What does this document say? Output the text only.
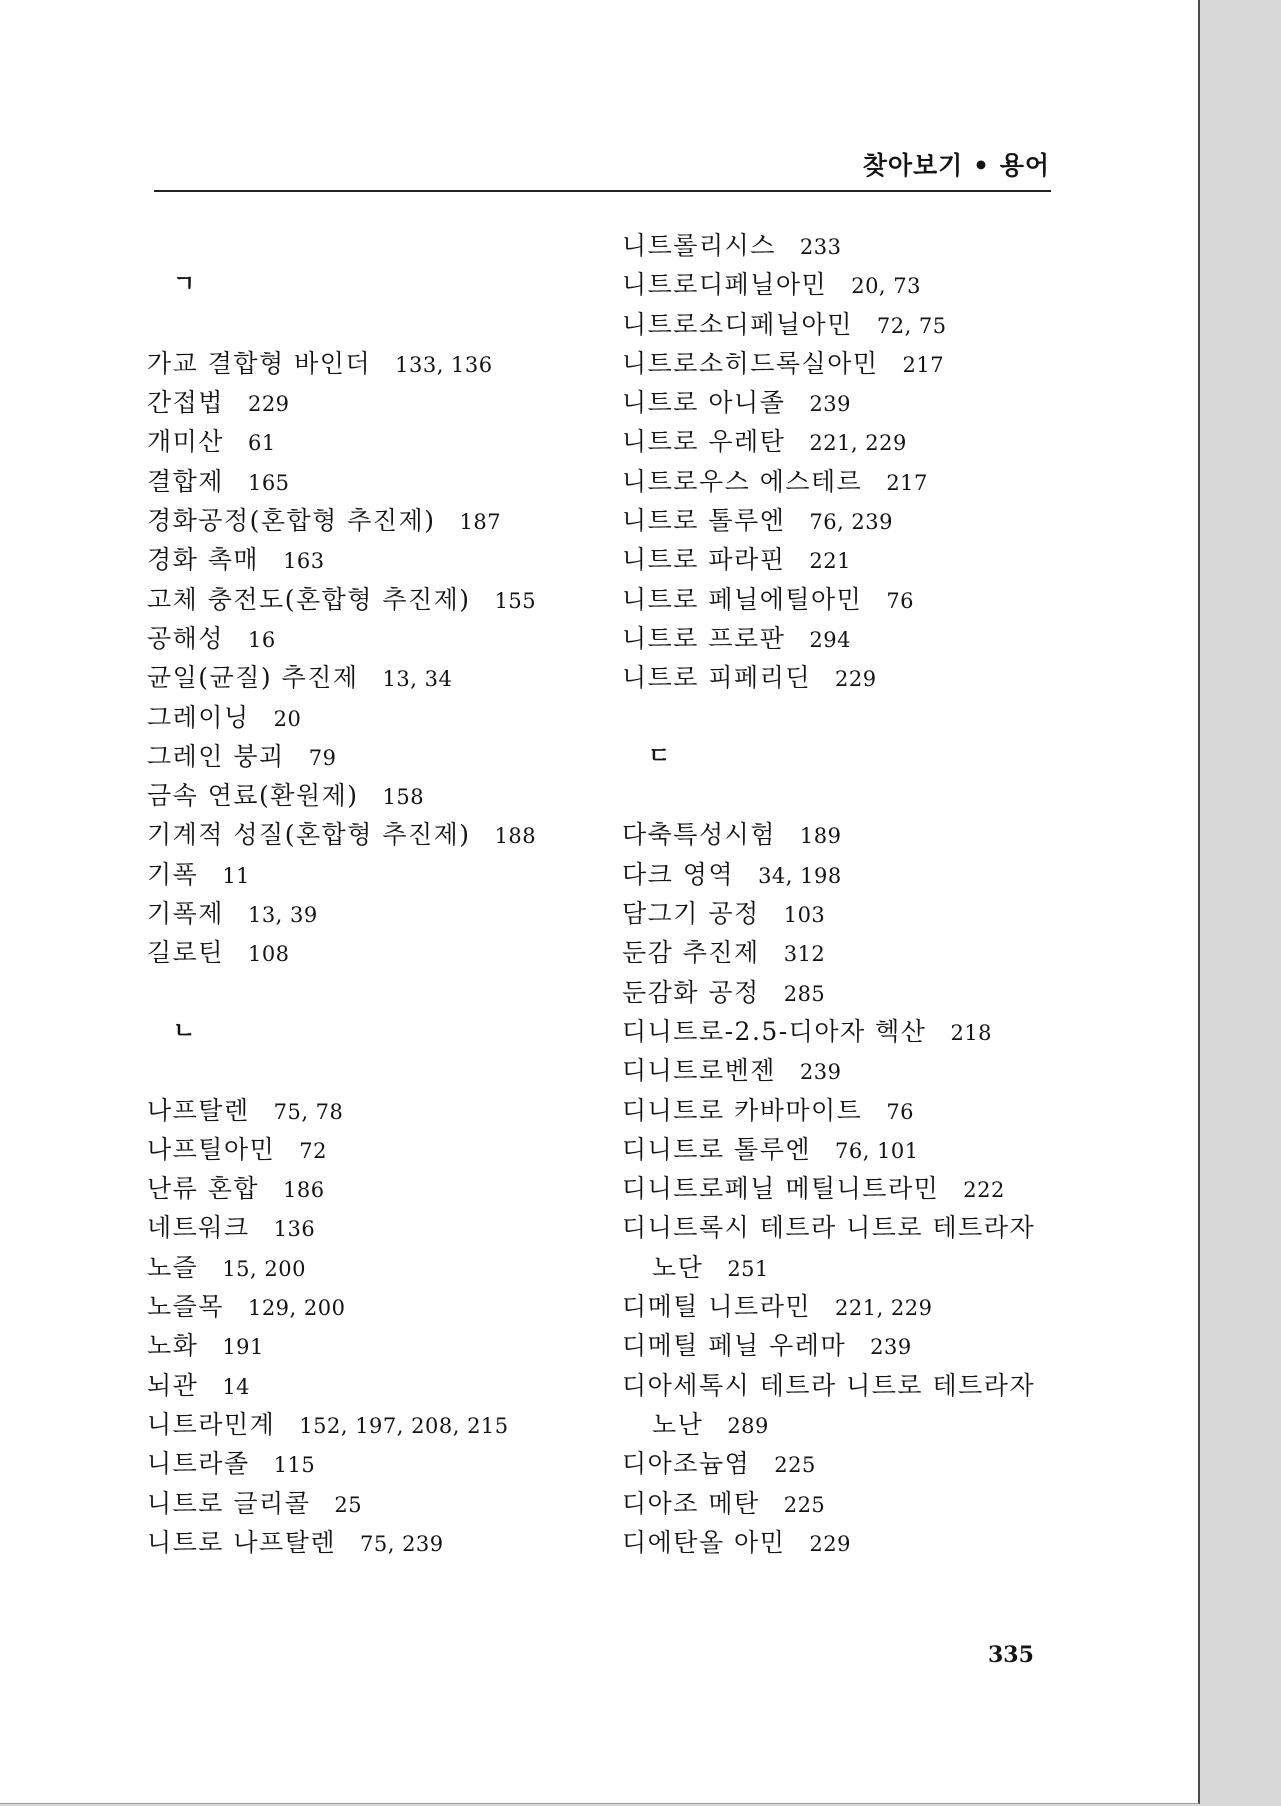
찾아보기 • 용어
ㄱ
가교 결합형 바인더 133, 136
간접법 229
개미산 61
결합제 165
경화공정(혼합형 추진제) 187
경화 촉매 163
고체 충전도(혼합형 추진제) 155
공해성 16
균일(균질) 추진제 13, 34
그레이닝 20
그레인 붕괴 79
금속 연료(환원제) 158
기계적 성질(혼합형 추진제) 188
기폭 11
기폭제 13, 39
길로틴 108
ㄴ
나프탈렌 75, 78
나프틸아민 72
난류 혼합 186
네트워크 136
노즐 15, 200
노즐목 129, 200
노화 191
뇌관 14
니트라민계 152, 197, 208, 215
니트라졸 115
니트로 글리콜 25
니트로 나프탈렌 75, 239
니트롤리시스 233
니트로디페닐아민 20, 73
니트로소디페닐아민 72, 75
니트로소히드록실아민 217
니트로 아니졸 239
니트로 우레탄 221, 229
니트로우스 에스테르 217
니트로 톨루엔 76, 239
니트로 파라핀 221
니트로 페닐에틸아민 76
니트로 프로판 294
니트로 피페리딘 229
ㄷ
다축특성시험 189
다크 영역 34, 198
담그기 공정 103
둔감 추진제 312
둔감화 공정 285
디니트로-2.5-디아자 헥산 218
디니트로벤젠 239
디니트로 카바마이트 76
디니트로 톨루엔 76, 101
디니트로페닐 메틸니트라민 222
디니트록시 테트라 니트로 테트라자
노단 251
디메틸 니트라민 221, 229
디메틸 페닐 우레마 239
디아세톡시 테트라 니트로 테트라자
노난 289
디아조늄염 225
디아조 메탄 225
디에탄올 아민 229
335
